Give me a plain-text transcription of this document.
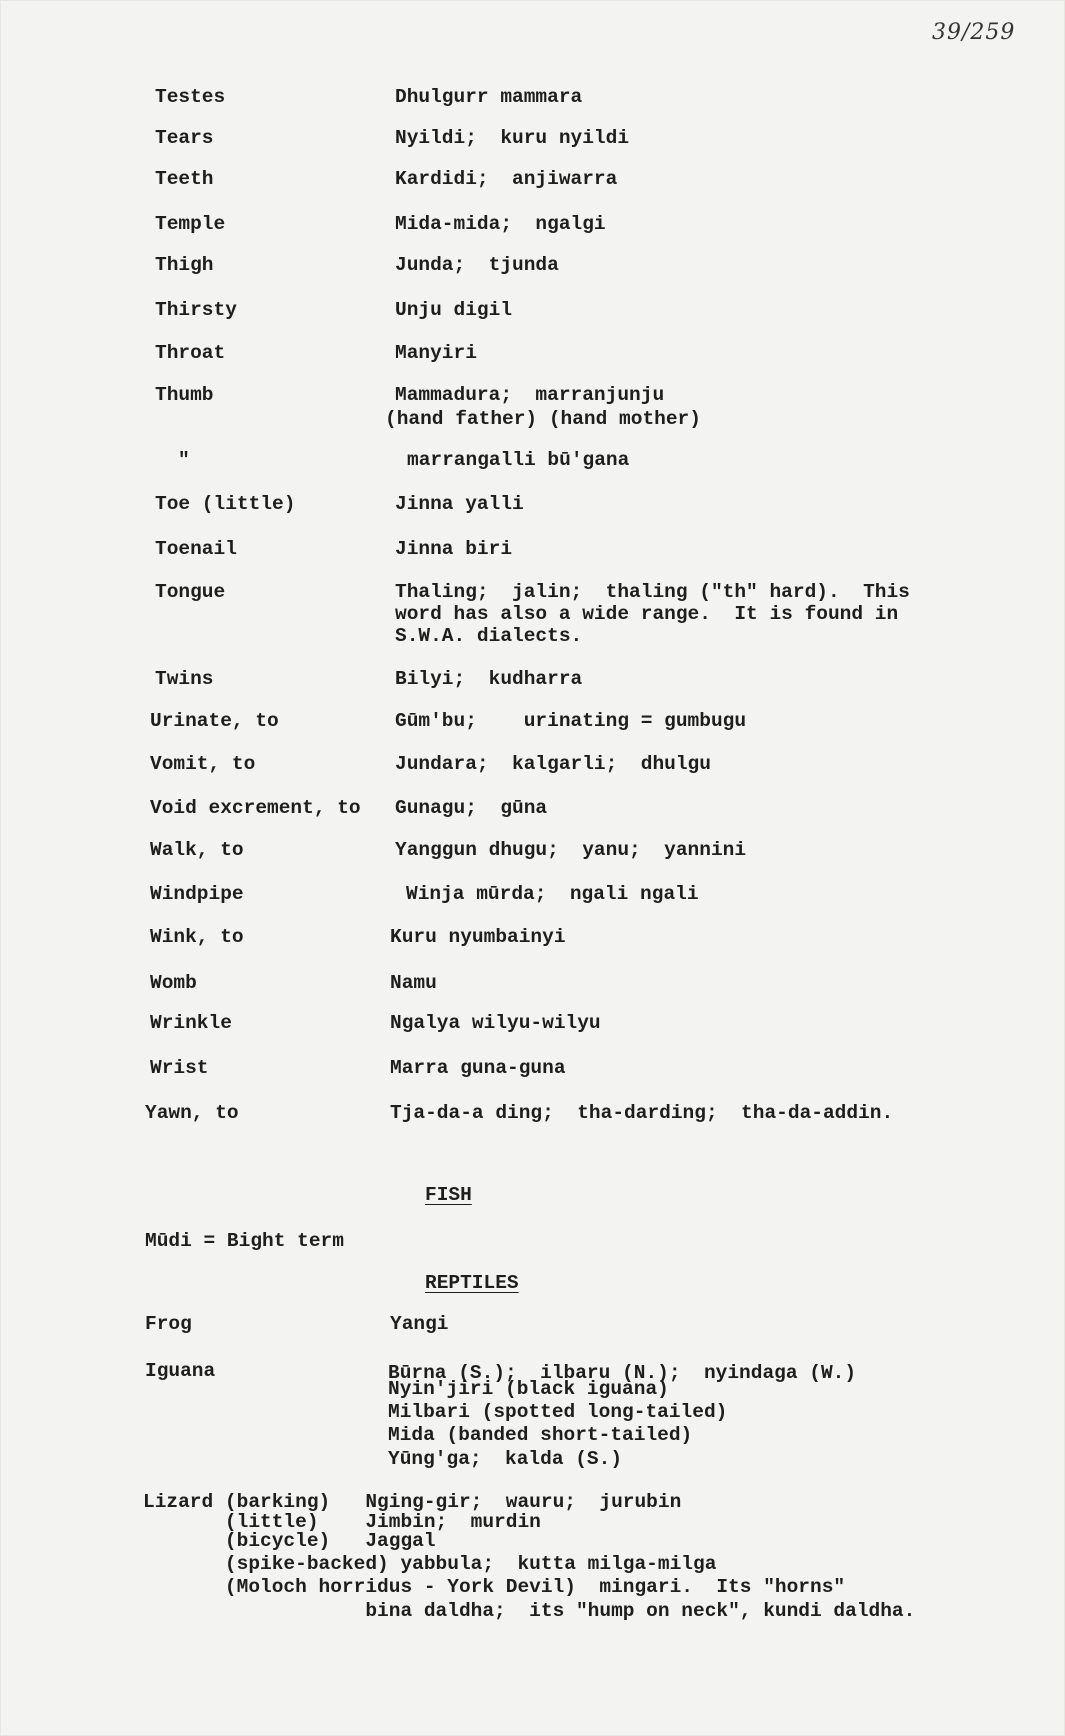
39/259
Testes	Dhulgurr mammara
Tears	Nyildi;  kuru nyildi
Teeth	Kardidi;  anjiwarra
Temple	Mida-mida;  ngalgi
Thigh	Junda;  tjunda
Thirsty	Unju digil
Throat	Manyiri
Thumb	Mammadura;  marranjunju
(hand father) (hand mother)
"	marrangalli bū'gana
Toe (little)	Jinna yalli
Toenail	Jinna biri
Tongue	Thaling;  jalin;  thaling ("th" hard).  This
word has also a wide range.  It is found in
S.W.A. dialects.
Twins	Bilyi;  kudharra
Urinate, to	Gūm'bu;    urinating = gumbugu
Vomit, to	Jundara;  kalgarli;  dhulgu
Void excrement, to Gunagu;  gūna
Walk, to	Yanggun dhugu;  yanu;  yannini
Windpipe	Winja mūrda;  ngali ngali
Wink, to	Kuru nyumbainyi
Womb	Namu
Wrinkle	Ngalya wilyu-wilyu
Wrist	Marra guna-guna
Yawn, to	Tja-da-a ding;  tha-darding;  tha-da-addin.
FISH
Mūdi = Bight term
REPTILES
Frog	Yangi
Iguana	Būrna (S.);  ilbaru (N.);  nyindaga (W.)
Nyin'jiri (black iguana)
Milbari (spotted long-tailed)
Mida (banded short-tailed)
Yūng'ga;  kalda (S.)
Lizard (barking)   Nging-gir;  wauru;  jurubin
(little)    Jimbin;  murdin
(bicycle)   Jaggal
(spike-backed) yabbula;  kutta milga-milga
(Moloch horridus - York Devil)  mingari.  Its "horns"
bina daldha;  its "hump on neck", kundi daldha.
